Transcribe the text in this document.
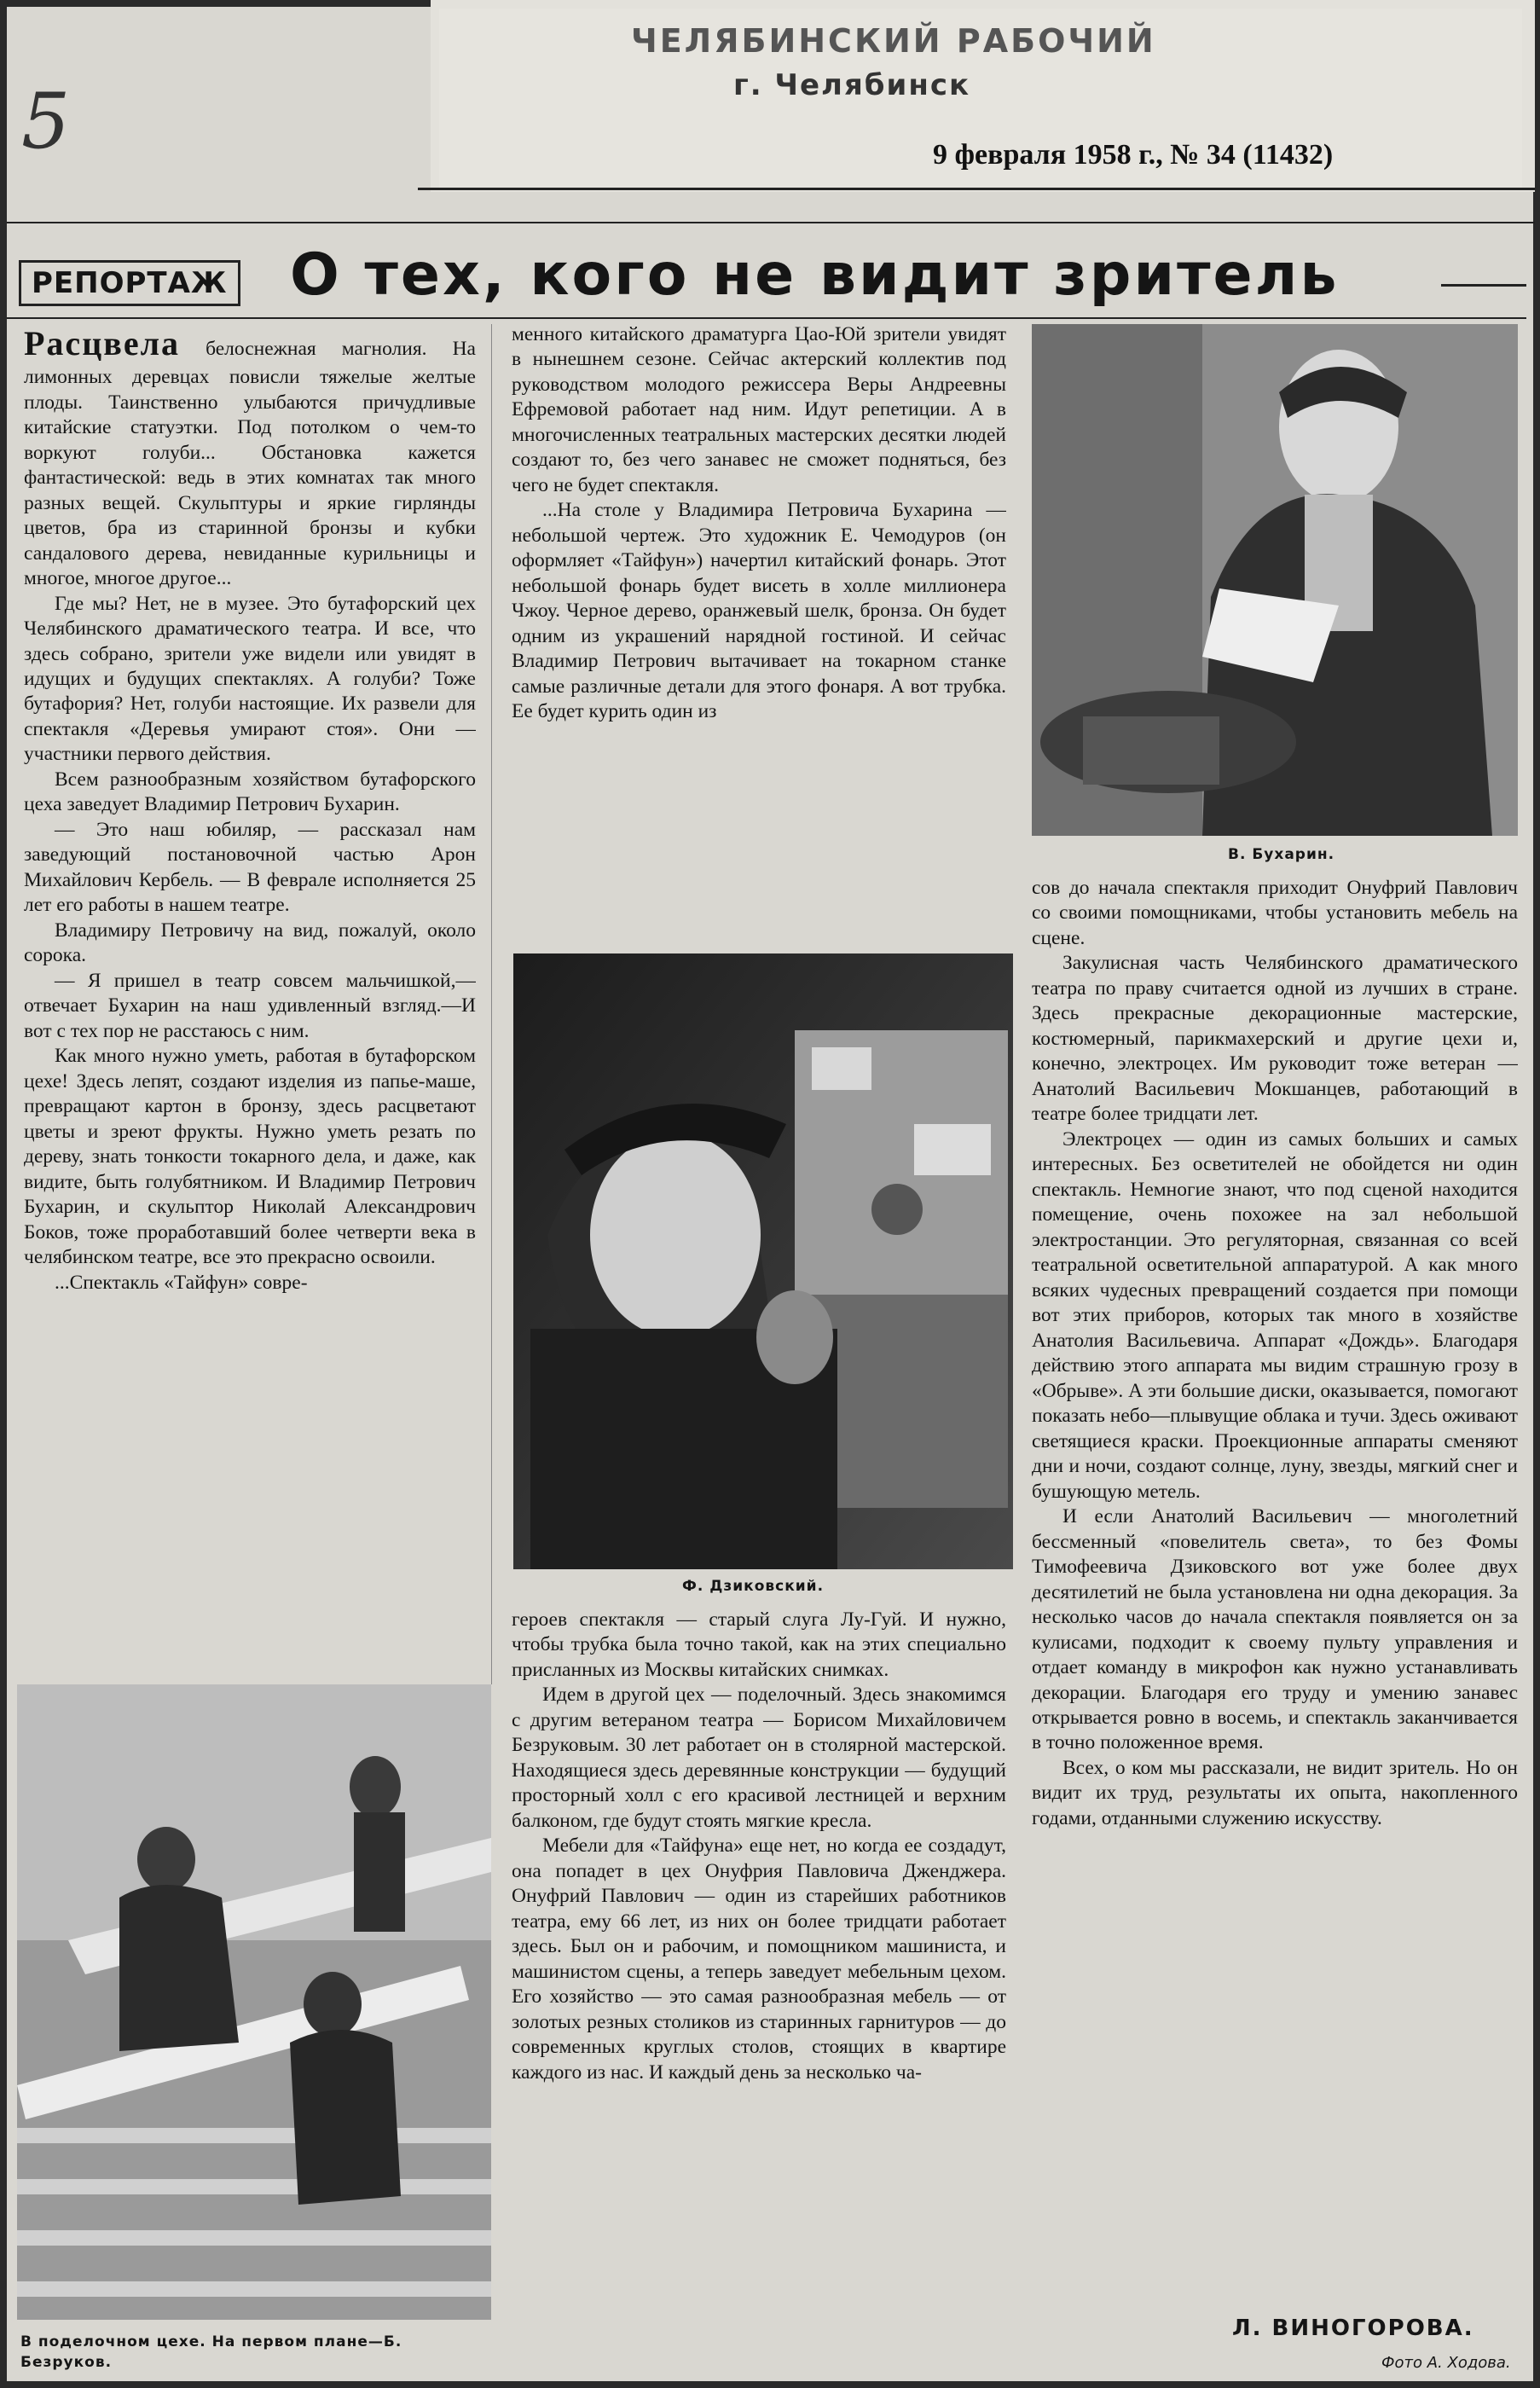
ЧЕЛЯБИНСКИЙ РАБОЧИЙ
г. Челябинск
5	9 февраля 1958 г., № 34 (11432)
РЕПОРТАЖ О тех, кого не видит зритель

Расцвела белоснежная магнолия. На лимонных деревцах повисли тяжелые желтые плоды. Таинственно улыбаются причудливые китайские статуэтки. Под потолком о чем-то воркуют голуби... Обстановка кажется фантастической: ведь в этих комнатах так много разных вещей. Скульптуры и яркие гирлянды цветов, бра из старинной бронзы и кубки сандалового дерева, невиданные курильницы и многое, многое другое...

Где мы? Нет, не в музее. Это бутафорский цех Челябинского драматического театра. И все, что здесь собрано, зрители уже видели или увидят в идущих и будущих спектаклях. А голуби? Тоже бутафория? Нет, голуби настоящие. Их развели для спектакля «Деревья умирают стоя». Они — участники первого действия.

Всем разнообразным хозяйством бутафорского цеха заведует Владимир Петрович Бухарин.

— Это наш юбиляр, — рассказал нам заведующий постановочной частью Арон Михайлович Кербель. — В феврале исполняется 25 лет его работы в нашем театре.

Владимиру Петровичу на вид, пожалуй, около сорока.

— Я пришел в театр совсем мальчишкой,—отвечает Бухарин на наш удивленный взгляд.—И вот с тех пор не расстаюсь с ним.

Как много нужно уметь, работая в бутафорском цехе! Здесь лепят, создают изделия из папье-маше, превращают картон в бронзу, здесь расцветают цветы и зреют фрукты. Нужно уметь резать по дереву, знать тонкости токарного дела, и даже, как видите, быть голубятником. И Владимир Петрович Бухарин, и скульптор Николай Александрович Боков, тоже проработавший более четверти века в челябинском театре, все это прекрасно освоили.

...Спектакль «Тайфун» совре-

менного китайского драматурга Цао-Юй зрители увидят в нынешнем сезоне. Сейчас актерский коллектив под руководством молодого режиссера Веры Андреевны Ефремовой работает над ним. Идут репетиции. А в многочисленных театральных мастерских десятки людей создают то, без чего занавес не сможет подняться, без чего не будет спектакля.

...На столе у Владимира Петровича Бухарина — небольшой чертеж. Это художник Е. Чемодуров (он оформляет «Тайфун») начертил китайский фонарь. Этот небольшой фонарь будет висеть в холле миллионера Чжоу. Черное дерево, оранжевый шелк, бронза. Он будет одним из украшений нарядной гостиной. И сейчас Владимир Петрович вытачивает на токарном станке самые различные детали для этого фонаря. А вот трубка. Ее будет курить один из

Ф. Дзиковский.

героев спектакля — старый слуга Лу-Гуй. И нужно, чтобы трубка была точно такой, как на этих специально присланных из Москвы китайских снимках.

Идем в другой цех — поделочный. Здесь знакомимся с другим ветераном театра — Борисом Михайловичем Безруковым. 30 лет работает он в столярной мастерской. Находящиеся здесь деревянные конструкции — будущий просторный холл с его красивой лестницей и верхним балконом, где будут стоять мягкие кресла.

Мебели для «Тайфуна» еще нет, но когда ее создадут, она попадет в цех Онуфрия Павловича Дженджера. Онуфрий Павлович — один из старейших работников театра, ему 66 лет, из них он более тридцати работает здесь. Был он и рабочим, и помощником машиниста, и машинистом сцены, а теперь заведует мебельным цехом. Его хозяйство — это самая разнообразная мебель — от золотых резных столиков из старинных гарнитуров — до современных круглых столов, стоящих в квартире каждого из нас. И каждый день за несколько ча-

В. Бухарин.

сов до начала спектакля приходит Онуфрий Павлович со своими помощниками, чтобы установить мебель на сцене.

Закулисная часть Челябинского драматического театра по праву считается одной из лучших в стране. Здесь прекрасные декорационные мастерские, костюмерный, парикмахерский и другие цехи и, конечно, электроцех. Им руководит тоже ветеран — Анатолий Васильевич Мокшанцев, работающий в театре более тридцати лет.

Электроцех — один из самых больших и самых интересных. Без осветителей не обойдется ни один спектакль. Немногие знают, что под сценой находится помещение, очень похожее на зал небольшой электростанции. Это регуляторная, связанная со всей театральной осветительной аппаратурой. А как много всяких чудесных превращений создается при помощи вот этих приборов, которых так много в хозяйстве Анатолия Васильевича. Аппарат «Дождь». Благодаря действию этого аппарата мы видим страшную грозу в «Обрыве». А эти большие диски, оказывается, помогают показать небо—плывущие облака и тучи. Здесь оживают светящиеся краски. Проекционные аппараты сменяют дни и ночи, создают солнце, луну, звезды, мягкий снег и бушующую метель.

И если Анатолий Васильевич — многолетний бессменный «повелитель света», то без Фомы Тимофеевича Дзиковского вот уже более двух десятилетий не была установлена ни одна декорация. За несколько часов до начала спектакля появляется он за кулисами, подходит к своему пульту управления и отдает команду в микрофон как нужно устанавливать декорации. Благодаря его труду и умению занавес открывается ровно в восемь, и спектакль заканчивается в точно положенное время.

Всех, о ком мы рассказали, не видит зритель. Но он видит их труд, результаты их опыта, накопленного годами, отданными служению искусству.

Л. ВИНОГОРОВА.
Фото А. Ходова.
В поделочном цехе. На первом плане—Б. Безруков.
